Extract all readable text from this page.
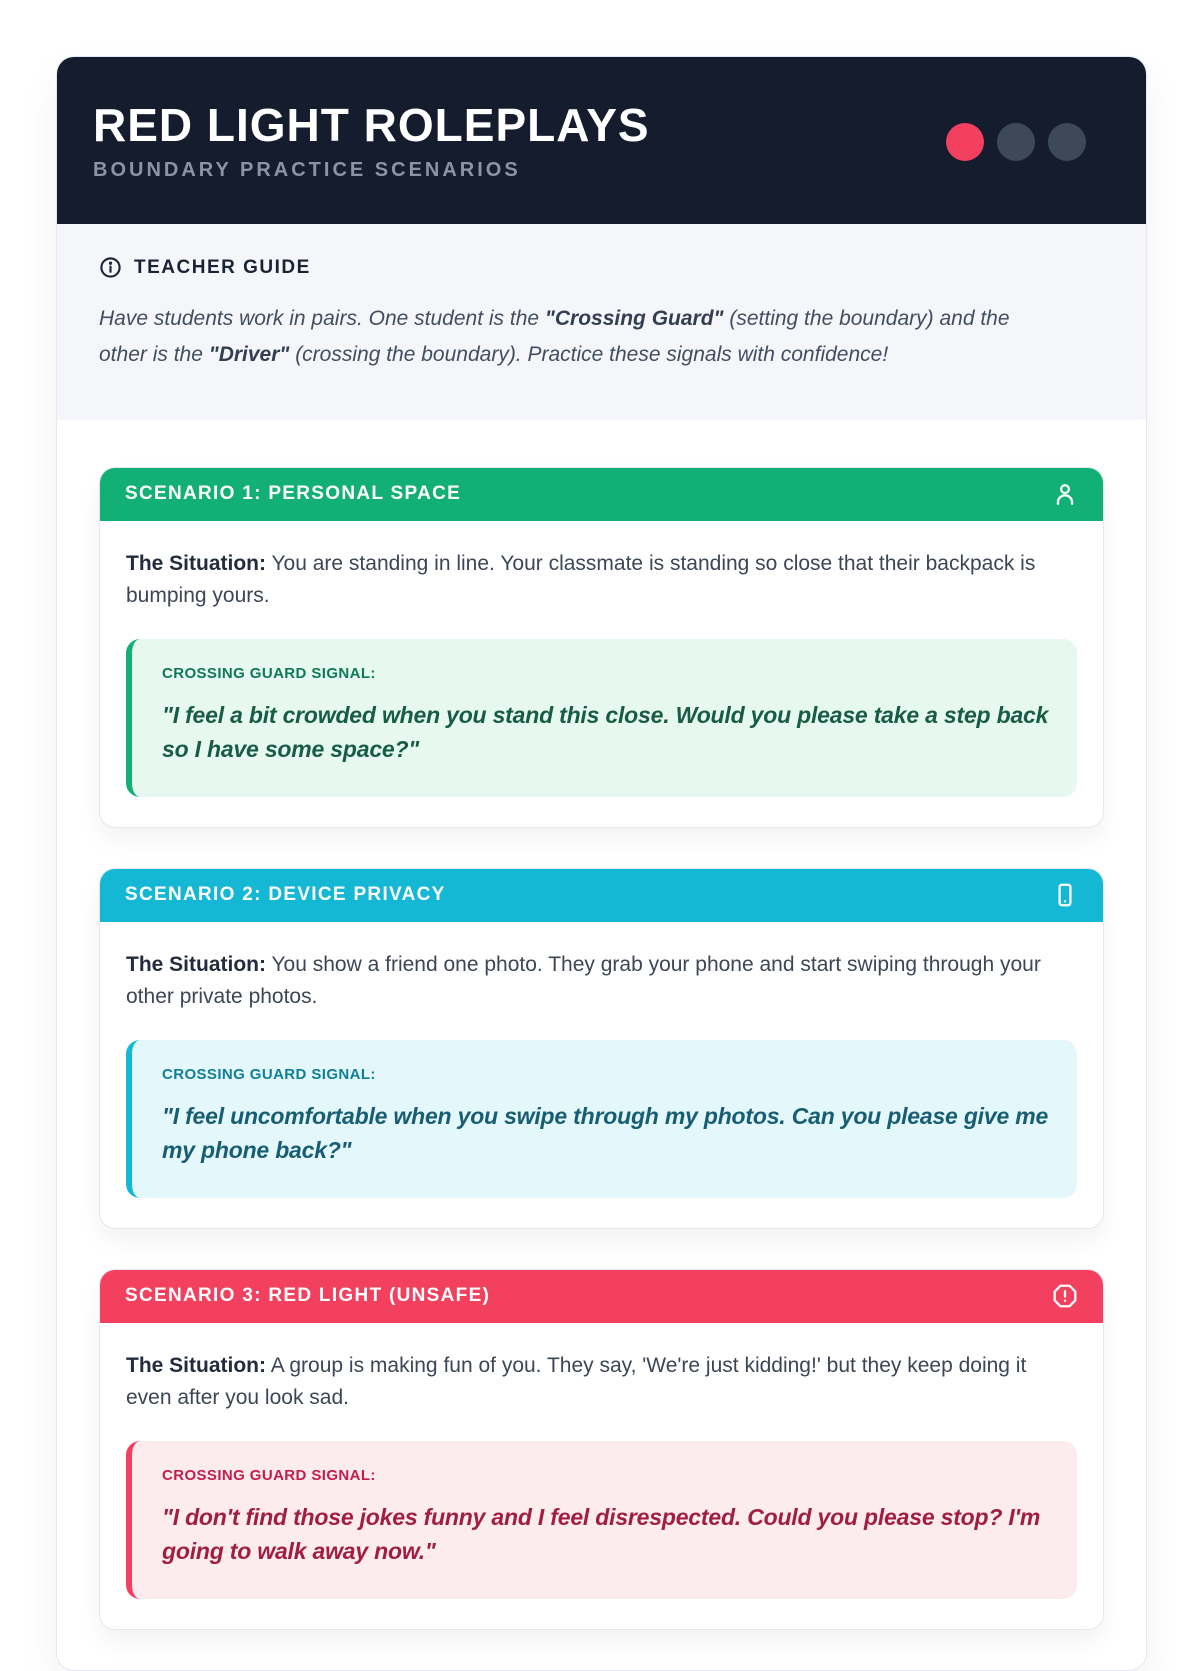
RED LIGHT ROLEPLAYS
BOUNDARY PRACTICE SCENARIOS
TEACHER GUIDE

Have students work in pairs. One student is the "Crossing Guard" (setting the boundary) and the other is the "Driver" (crossing the boundary). Practice these signals with confidence!

SCENARIO 1: PERSONAL SPACE

The Situation: You are standing in line. Your classmate is standing so close that their backpack is bumping yours.

CROSSING GUARD SIGNAL:
"I feel a bit crowded when you stand this close. Would you please take a step back so I have some space?"
SCENARIO 2: DEVICE PRIVACY

The Situation: You show a friend one photo. They grab your phone and start swiping through your other private photos.

CROSSING GUARD SIGNAL:
"I feel uncomfortable when you swipe through my photos. Can you please give me my phone back?"
SCENARIO 3: RED LIGHT (UNSAFE)

The Situation: A group is making fun of you. They say, 'We're just kidding!' but they keep doing it even after you look sad.

CROSSING GUARD SIGNAL:
"I don't find those jokes funny and I feel disrespected. Could you please stop? I'm going to walk away now."
